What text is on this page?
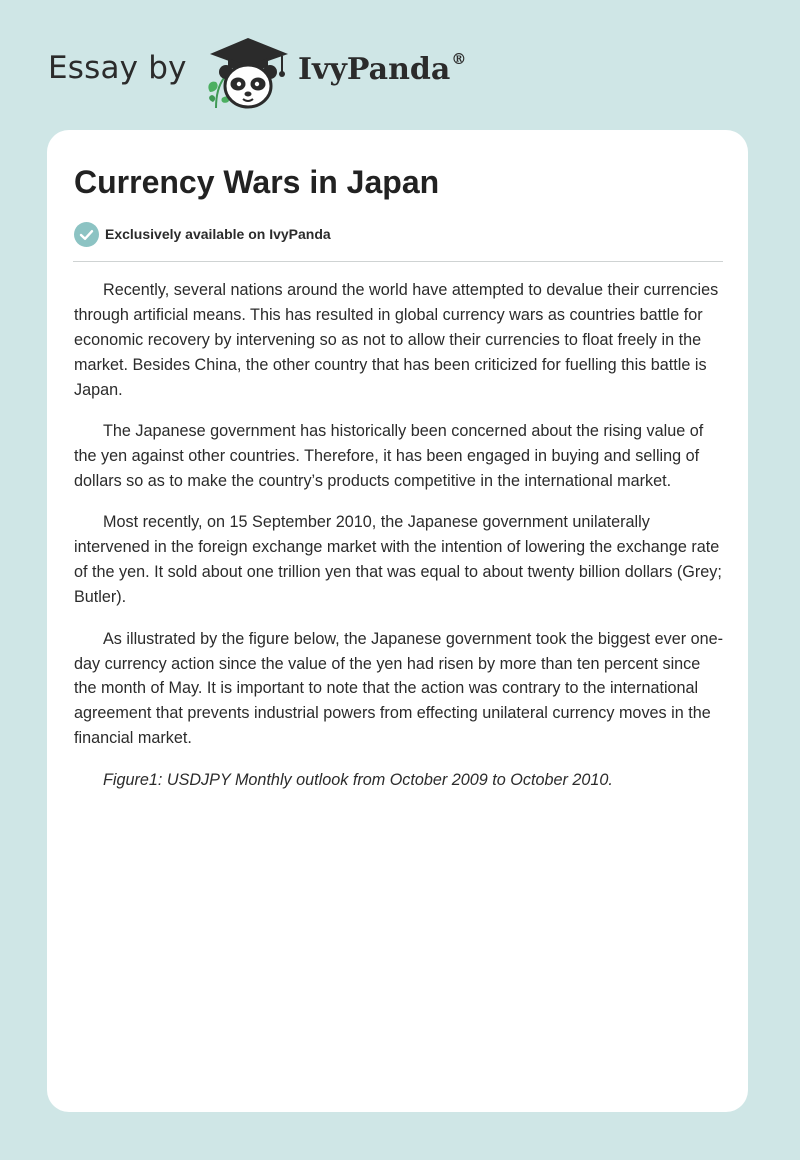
Essay by	IvyPanda®
Currency Wars in Japan
Exclusively available on IvyPanda

Recently, several nations around the world have attempted to devalue their currencies through artificial means. This has resulted in global currency wars as countries battle for economic recovery by intervening so as not to allow their currencies to float freely in the market. Besides China, the other country that has been criticized for fuelling this battle is Japan.

The Japanese government has historically been concerned about the rising value of the yen against other countries. Therefore, it has been engaged in buying and selling of dollars so as to make the country’s products competitive in the international market.

Most recently, on 15 September 2010, the Japanese government unilaterally intervened in the foreign exchange market with the intention of lowering the exchange rate of the yen. It sold about one trillion yen that was equal to about twenty billion dollars (Grey; Butler).

As illustrated by the figure below, the Japanese government took the biggest ever one-day currency action since the value of the yen had risen by more than ten percent since the month of May. It is important to note that the action was contrary to the international agreement that prevents industrial powers from effecting unilateral currency moves in the financial market.

Figure1: USDJPY Monthly outlook from October 2009 to October 2010.
